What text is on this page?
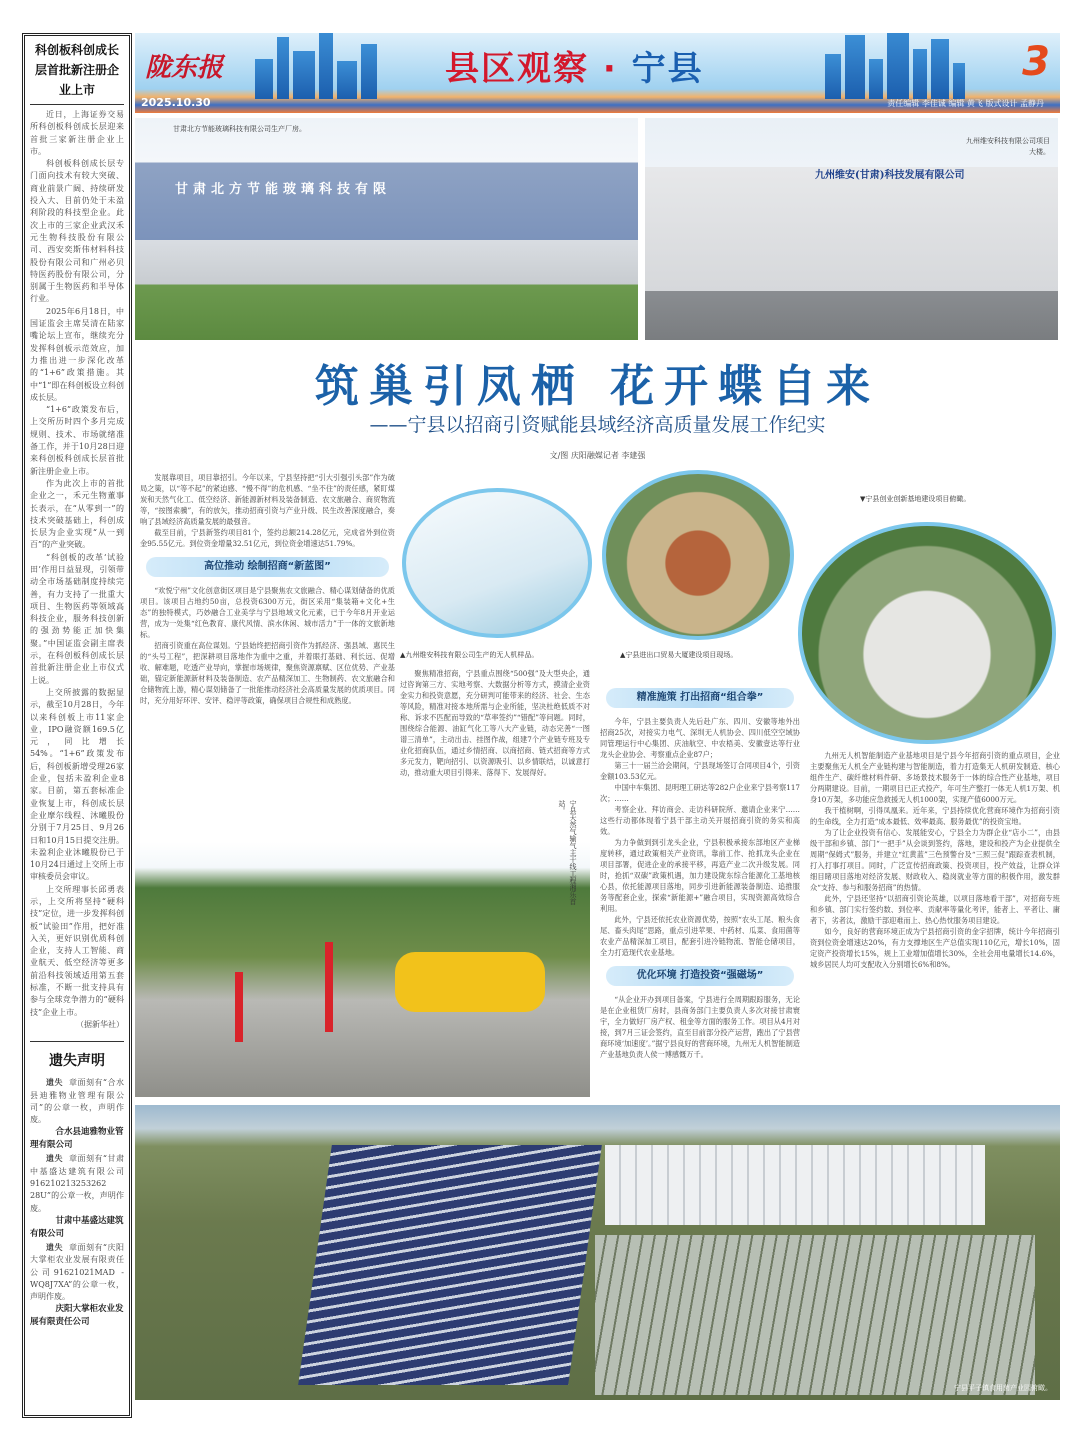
科创板科创成长层首批新注册企业上市

近日，上海证券交易所科创板科创成长层迎来首批三家新注册企业上市。

科创板科创成长层专门面向技术有较大突破、商业前景广阔、持续研发投入大、目前仍处于未盈利阶段的科技型企业。此次上市的三家企业武汉禾元生物科技股份有限公司、西安奕斯伟材料科技股份有限公司和广州必贝特医药股份有限公司，分别属于生物医药和半导体行业。

2025年6月18日，中国证监会主席吴清在陆家嘴论坛上宣布，继续充分发挥科创板示范效应，加力推出进一步深化改革的“1+6”政策措施。其中“1”即在科创板设立科创成长层。

“1+6”政策发布后，上交所历时四个多月完成规则、技术、市场就绪准备工作，并于10月28日迎来科创板科创成长层首批新注册企业上市。

作为此次上市的首批企业之一，禾元生物董事长表示，在“从零到一”的技术突破基础上，科创成长层为企业实现“从一到百”的产业突破。

“科创板的改革‘试验田’作用日益显现，引领带动全市场基础制度持续完善，有力支持了一批重大项目、生物医药等领域高科技企业，服务科技创新的强劲势能正加快集聚。”中国证监会副主席表示，在科创板科创成长层首批新注册企业上市仪式上说。

上交所披露的数据显示，截至10月28日，今年以来科创板上市11家企业，IPO融资额169.5亿元，同比增长54%。“1+6”政策发布后，科创板新增受理26家企业，包括未盈利企业8家。目前，第五套标准企业恢复上市，科创成长层企业摩尔线程、沐曦股份分别于7月25日、9月26日和10月15日提交注册。未盈利企业沐曦股份已于10月24日通过上交所上市审核委员会审议。

上交所理事长邱勇表示，上交所将坚持“硬科技”定位，进一步发挥科创板“试验田”作用，把好准入关，更好识别优质科创企业，支持人工智能、商业航天、低空经济等更多前沿科技领域适用第五套标准，不断一批支持具有参与全球竞争潜力的“硬科技”企业上市。

（据新华社）

遗失声明

遗失 章面刻有“合水县迪雅物业管理有限公司”的公章一枚，声明作废。

合水县迪雅物业管理有限公司

遗失 章面刻有“甘肃中基盛达建筑有限公司916210213253262 28U”的公章一枚，声明作废。

甘肃中基盛达建筑有限公司

遗失 章面刻有“庆阳大掌柜农业发展有限责任公司91621021MAD - WQ8J7XA”的公章一枚，声明作废。

庆阳大掌柜农业发展有限责任公司
陇东报	县区观察 · 宁县	3
2025.10.30	责任编辑 李佳诚 编辑 黄飞 版式设计 孟静丹
甘肃北方节能玻璃科技有限公司生产厂房。
甘肃北方节能玻璃科技有限
九州维安科技有限公司项目大楼。
九州维安(甘肃)科技发展有限公司
筑巢引凤栖 花开蝶自来
——宁县以招商引资赋能县域经济高质量发展工作纪实
文/图 庆阳融媒记者 李建强

发展靠项目，项目靠招引。今年以来，宁县坚持把“引大引强引头部”作为破局之策，以“等不起”的紧迫感、“慢不得”的危机感、“坐不住”的责任感，紧盯煤炭和天然气化工、低空经济、新能源新材料及装备制造、农文旅融合、商贸物流等，“按图索骥”，有的放矢，推动招商引资与产业升级、民生改善深度融合，奏响了县域经济高质量发展的最强音。

截至目前，宁县新签约项目81个，签约总额214.28亿元，完成省外到位资金95.55亿元。到位资金增量32.51亿元，到位资金增速达51.79%。

高位推动 绘制招商“新蓝图”

“欢悦宁州”文化创意街区项目是宁县聚焦农文旅融合、精心谋划储备的优质项目。该项目占地约50亩，总投资6300万元，街区采用“集装箱+文化+生态”的独特模式，巧妙融合工业美学与宁县地域文化元素，已于今年8月开业运营，成为一处集“红色教育、康代风情、滨水休闲、城市活力”于一体的文旅新地标。

招商引资重在高位谋划。宁县始终把招商引资作为抓经济、强县域、惠民生的“头号工程”，把深耕项目落地作为重中之重，并着眼打基础、利长远、促增收、解难题，吃透产业导向，掌握市场规律，聚焦资源禀赋、区位优势、产业基础，锚定新能源新材料及装备制造、农产品精深加工、生物制药、农文旅融合和仓储物流上游，精心谋划储备了一批能推动经济社会高质量发展的优质项目。同时，充分用好环评、安评、稳评等政策，确保项目合规性和成熟度。

▲九州维安科技有限公司生产的无人机样品。	▲宁县进出口贸易大厦建设项目现场。
▼宁县创业创新基地建设项目俯瞰。

聚焦精准招商，宁县重点围绕“500强”及大型央企，通过咨询第三方、实地考察、大数据分析等方式，摸清企业资金实力和投资意愿，充分研判可能带来的经济、社会、生态等风险，精准对接本地所需与企业所能，坚决杜绝低质不对称、诉求不匹配而导致的“草率签约”“错配”等问题。同时，围绕综合能源、油缸气化工等八大产业链，动态完善“一图谱三清单”，主动出击、挂图作战，组建7个产业链专班及专业化招商队伍，通过乡情招商、以商招商、链式招商等方式多元发力，靶向招引、以资源吸引、以乡情联结，以诚意打动，推动重大项目引得来、落得下、发展得好。

精准施策 打出招商“组合拳”

今年，宁县主要负责人先后赴广东、四川、安徽等地外出招商25次，对接实力电气、深圳无人机协会、四川低空空域协同管理运行中心集团、庆油航空、中农梧美、安徽壹达等行业龙头企业协会、考察重点企业87户；

第三十一届兰洽会期间，宁县现场签订合同项目4个，引资金额103.53亿元。

中国中车集团、昆明理工研达等282户企业来宁县考察117次；……

考察企业、拜访商会、走访科研院所、邀请企业来宁……这些行动都体现着宁县干部主动关开展招商引资的务实和高效。

为力争做到到引龙头企业，宁县积极承接东部地区产业梯度转移，通过政策相关产业资讯，靠前工作、抢抓龙头企业在项目部署，促进企业的承接平移，再造产业二次升级发展。同时，抢抓“双碳”政策机遇，加力建设陇东综合能源化工基地核心县，依托能源项目落地，同步引进新能源装备制造、追推服务等配套企业，探索“新能源+”融合项目，实现资源高效综合利用。

此外，宁县还依托农业资源优势，按照“农头工尾、粮头食尾、畜头肉尾”思路，重点引进苹果、中药材、瓜菜、食用菌等农业产品精深加工项目，配套引进冷链物流、智能仓储项目，全力打造现代农业基地。

优化环境 打造投资“强磁场”

“从企业开办到项目备案，宁县进行全周期跟踪服务，无论是在企业租赁厂房时，县商务部门主要负责人多次对接甘肃寰宇，全力做好厂房产权、租金等方面的服务工作。项目从4月对接，到7月三证会签约，直至目前部分投产运营，跑出了宁县营商环境‘加速度’。”据宁县良好的营商环境，九州无人机智能制造产业基地负责人侯一博感慨万千。

九州无人机智能制造产业基地项目是宁县今年招商引资的重点项目，企业主要聚焦无人机全产业链构建与智能制造，着力打造集无人机研发制造、核心组件生产、碳纤维材料件研、多场景技术服务于一体的综合性产业基地，项目分两期建设。目前，一期项目已正式投产，年可生产整打一体无人机1万架、机身10万架，多功能应急救援无人机1000架，实现产值6000万元。

我干植树啊，引得凤凰来。近年来，宁县持续优化营商环境作为招商引资的生命线，全力打造“成本最低、效率最高、服务最优”的投资宝地。

为了让企业投资有信心、发展能安心，宁县全力为群企业“店小二”，由县级干部和乡镇、部门“一把手”从会谈到签约，落地，建设和投产为企业提供全周期“保姆式”服务，并建立“红黄蓝”三色预警台及“三照三促”跟踪查表机制，打入打事打项目。同时，广泛宣传招商政策、投资项目，投产效益，让群众详细目睹项目落地对经济发展、财政收入、稳岗就业等方面的积极作用，激发群众“支持、参与和服务招商”的热情。

此外，宁县还坚持“以招商引资论英雄，以项目落地看干部”，对招商专班和乡镇、部门实行签约数、到位率、贡献率等量化考评，能者上、平者让、庸者下，劣者汰，激励干部迎难而上、热心热忱服务项目建设。

如今，良好的营商环境正成为宁县招商引资的金字招牌，统计今年招商引资到位资金增速达20%，有力支撑地区生产总值实现110亿元，增长10%，固定资产投资增长15%，规上工业增加值增长30%，全社会用电量增长14.6%，城乡居民人均可支配收入分别增长6%和8%。

宁县天然气输气主干线工程湘乐首站。
宁县平子镇食用菌产业园俯瞰。
